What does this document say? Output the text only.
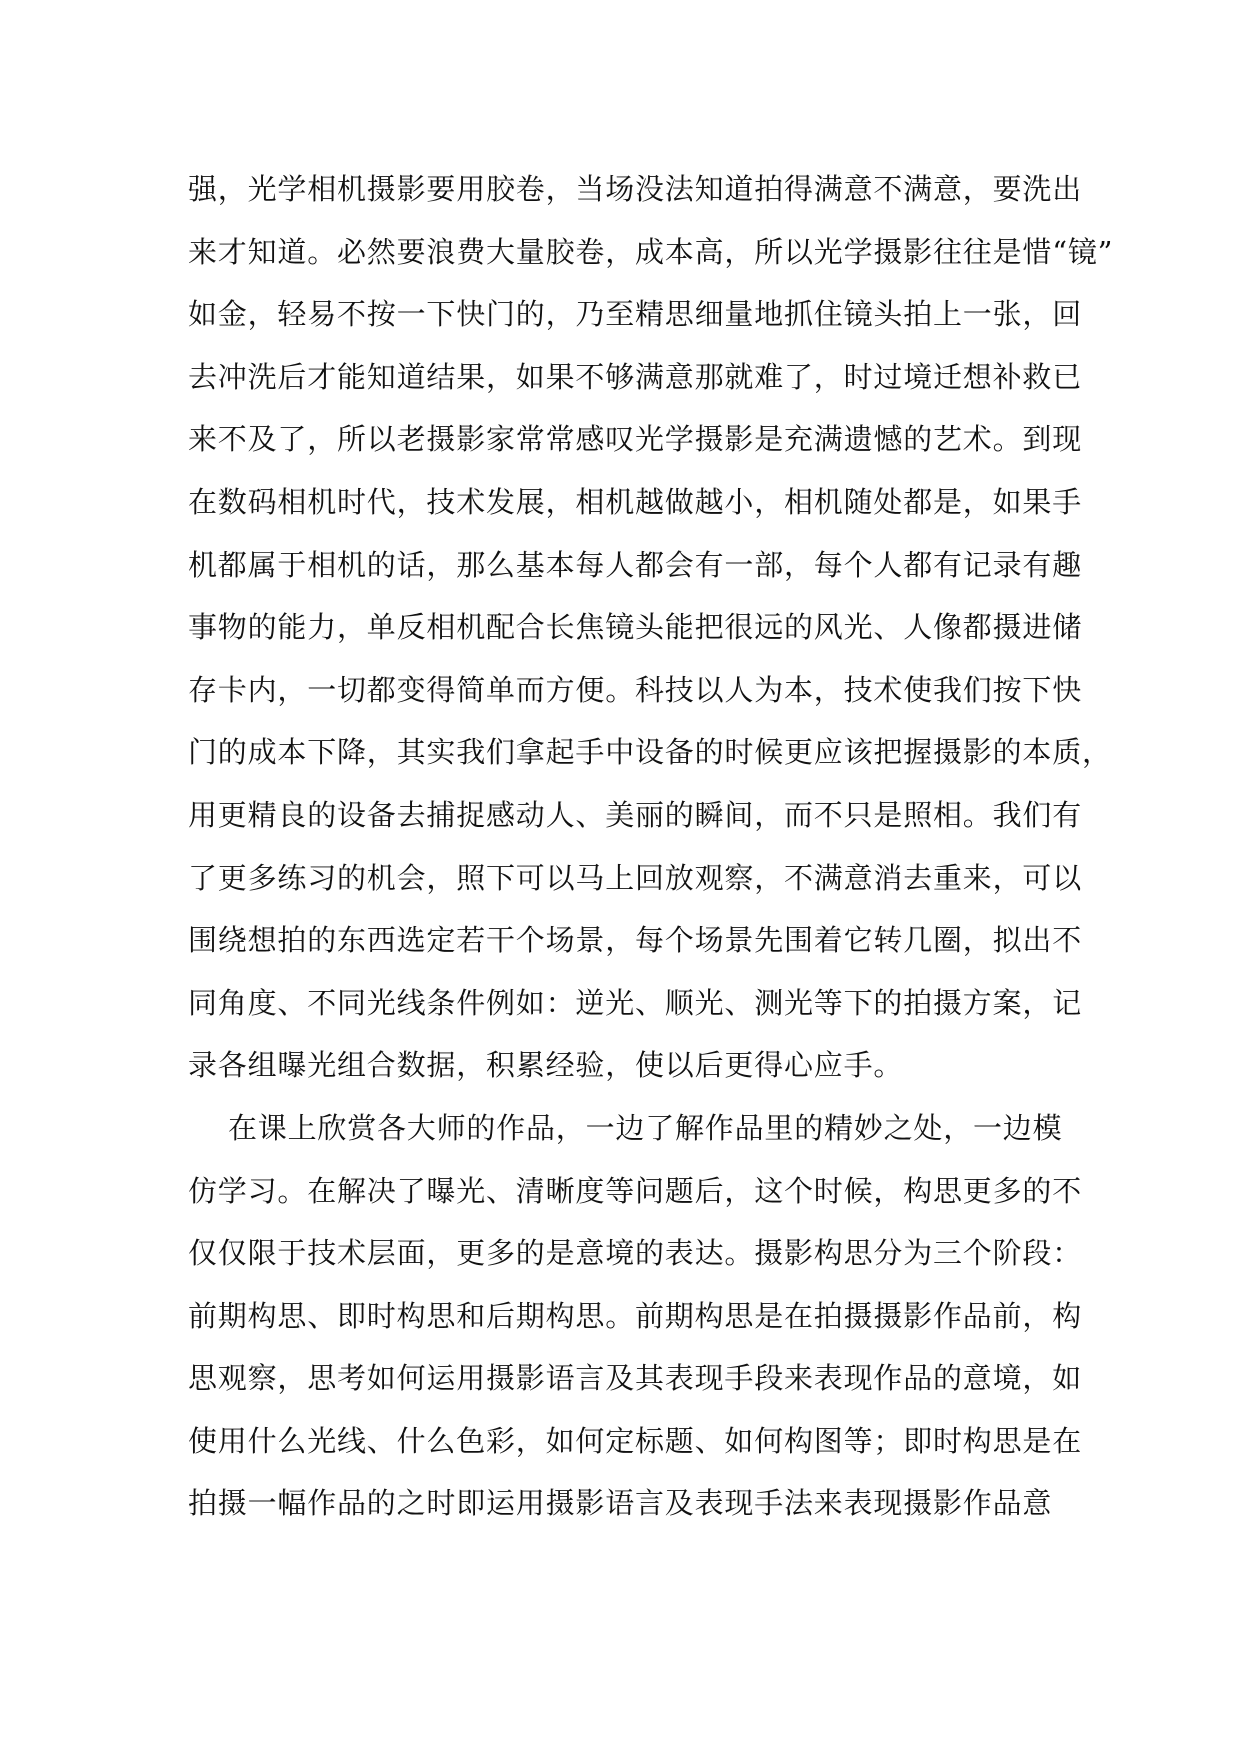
强，光学相机摄影要用胶卷，当场没法知道拍得满意不满意，要洗出
来才知道。必然要浪费大量胶卷，成本高，所以光学摄影往往是惜“镜”
如金，轻易不按一下快门的，乃至精思细量地抓住镜头拍上一张，回
去冲洗后才能知道结果，如果不够满意那就难了，时过境迁想补救已
来不及了，所以老摄影家常常感叹光学摄影是充满遗憾的艺术。到现
在数码相机时代，技术发展，相机越做越小，相机随处都是，如果手
机都属于相机的话，那么基本每人都会有一部，每个人都有记录有趣
事物的能力，单反相机配合长焦镜头能把很远的风光、人像都摄进储
存卡内，一切都变得简单而方便。科技以人为本，技术使我们按下快
门的成本下降，其实我们拿起手中设备的时候更应该把握摄影的本质，
用更精良的设备去捕捉感动人、美丽的瞬间，而不只是照相。我们有
了更多练习的机会，照下可以马上回放观察，不满意消去重来，可以
围绕想拍的东西选定若干个场景，每个场景先围着它转几圈，拟出不
同角度、不同光线条件例如：逆光、顺光、测光等下的拍摄方案，记
录各组曝光组合数据，积累经验，使以后更得心应手。
在课上欣赏各大师的作品，一边了解作品里的精妙之处，一边模
仿学习。在解决了曝光、清晰度等问题后，这个时候，构思更多的不
仅仅限于技术层面，更多的是意境的表达。摄影构思分为三个阶段：
前期构思、即时构思和后期构思。前期构思是在拍摄摄影作品前，构
思观察，思考如何运用摄影语言及其表现手段来表现作品的意境，如
使用什么光线、什么色彩，如何定标题、如何构图等；即时构思是在
拍摄一幅作品的之时即运用摄影语言及表现手法来表现摄影作品意
